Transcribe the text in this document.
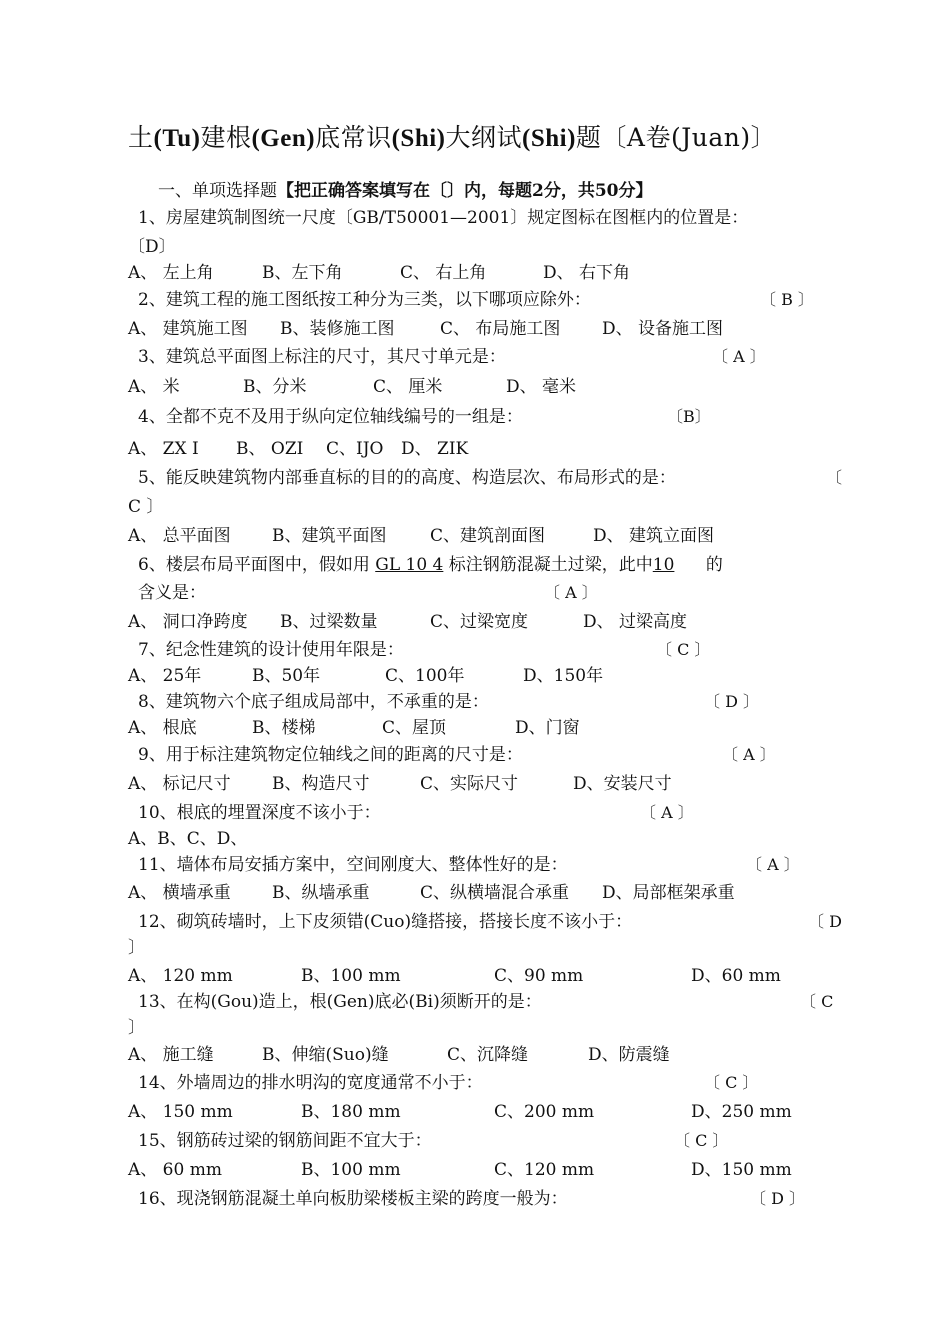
土(Tu)建根(Gen)底常识(Shi)大纲试(Shi)题〔A卷(Juan)〕
一、单项选择题【把正确答案填写在〔〕内，每题2分，共50分】
1、房屋建筑制图统一尺度〔GB/T50001—2001〕规定图标在图框内的位置是：
〔D〕
A、 左上角	B、左下角	C、 右上角	D、 右下角
2、建筑工程的施工图纸按工种分为三类，以下哪项应除外：	〔 B 〕
A、 建筑施工图 B、装修施工图	C、 布局施工图 D、 设备施工图
3、建筑总平面图上标注的尺寸，其尺寸单元是：	〔 A 〕
A、 米	B、分米	C、 厘米	D、 毫米
4、全都不克不及用于纵向定位轴线编号的一组是：	〔B〕
A、 ZX I B、 OZI C、IJO D、 ZIK
5、能反映建筑物内部垂直标的目的的高度、构造层次、布局形式的是：	〔
C 〕
A、 总平面图 B、建筑平面图	C、建筑剖面图	D、 建筑立面图
6、楼层布局平面图中，假如用 GL 10 4 标注钢筋混凝土过梁，此中10 的
含义是：	〔 A 〕
A、 洞口净跨度 B、过梁数量	C、过梁宽度	D、 过梁高度
7、纪念性建筑的设计使用年限是：	〔 C 〕
A、 25年	B、50年	C、100年	D、150年
8、建筑物六个底子组成局部中，不承重的是：	〔 D 〕
A、 根底	B、楼梯	C、屋顶	D、门窗
9、用于标注建筑物定位轴线之间的距离的尺寸是：	〔 A 〕
A、 标记尺寸 B、构造尺寸	C、实际尺寸	D、安装尺寸
10、根底的埋置深度不该小于：	〔 A 〕
A、B、C、D、
11、墙体布局安插方案中，空间刚度大、整体性好的是：	〔 A 〕
A、 横墙承重 B、纵墙承重	C、纵横墙混合承重 D、局部框架承重
12、砌筑砖墙时，上下皮须错(Cuo)缝搭接，搭接长度不该小于：	〔 D
〕
A、 120 mm	B、100 mm	C、90 mm	D、60 mm
13、在构(Gou)造上，根(Gen)底必(Bi)须断开的是：	〔 C
〕
A、 施工缝	B、伸缩(Suo)缝	C、沉降缝	D、防震缝
14、外墙周边的排水明沟的宽度通常不小于：	〔 C 〕
A、 150 mm	B、180 mm	C、200 mm	D、250 mm
15、钢筋砖过梁的钢筋间距不宜大于：	〔 C 〕
A、 60 mm	B、100 mm	C、120 mm	D、150 mm
16、现浇钢筋混凝土单向板肋梁楼板主梁的跨度一般为：	〔 D 〕
